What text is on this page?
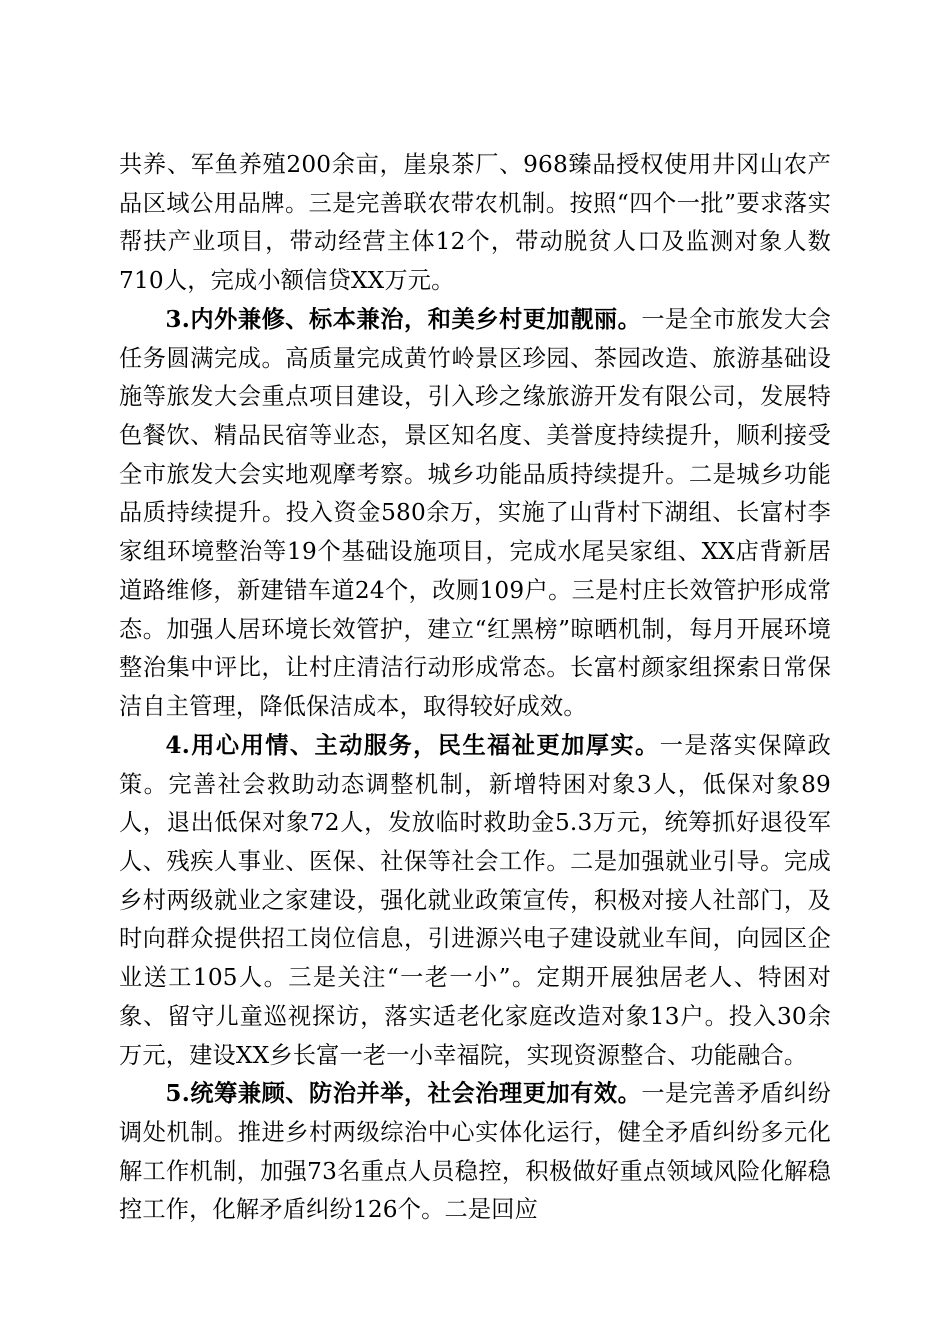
共养、军鱼养殖200余亩，崖泉茶厂、968臻品授权使用井冈山农产品区域公用品牌。三是完善联农带农机制。按照“四个一批”要求落实帮扶产业项目，带动经营主体12个，带动脱贫人口及监测对象人数710人，完成小额信贷XX万元。

3.内外兼修、标本兼治，和美乡村更加靓丽。一是全市旅发大会任务圆满完成。高质量完成黄竹岭景区珍园、茶园改造、旅游基础设施等旅发大会重点项目建设，引入珍之缘旅游开发有限公司，发展特色餐饮、精品民宿等业态，景区知名度、美誉度持续提升，顺利接受全市旅发大会实地观摩考察。城乡功能品质持续提升。二是城乡功能品质持续提升。投入资金580余万，实施了山背村下湖组、长富村李家组环境整治等19个基础设施项目，完成水尾吴家组、XX店背新居道路维修，新建错车道24个，改厕109户。三是村庄长效管护形成常态。加强人居环境长效管护，建立“红黑榜”晾晒机制，每月开展环境整治集中评比，让村庄清洁行动形成常态。长富村颜家组探索日常保洁自主管理，降低保洁成本，取得较好成效。

4.用心用情、主动服务，民生福祉更加厚实。一是落实保障政策。完善社会救助动态调整机制，新增特困对象3人，低保对象89人，退出低保对象72人，发放临时救助金5.3万元，统筹抓好退役军人、残疾人事业、医保、社保等社会工作。二是加强就业引导。完成乡村两级就业之家建设，强化就业政策宣传，积极对接人社部门，及时向群众提供招工岗位信息，引进源兴电子建设就业车间，向园区企业送工105人。三是关注“一老一小”。定期开展独居老人、特困对象、留守儿童巡视探访，落实适老化家庭改造对象13户。投入30余万元，建设XX乡长富一老一小幸福院，实现资源整合、功能融合。

5.统筹兼顾、防治并举，社会治理更加有效。一是完善矛盾纠纷调处机制。推进乡村两级综治中心实体化运行，健全矛盾纠纷多元化解工作机制，加强73名重点人员稳控，积极做好重点领域风险化解稳控工作，化解矛盾纠纷126个。二是回应
